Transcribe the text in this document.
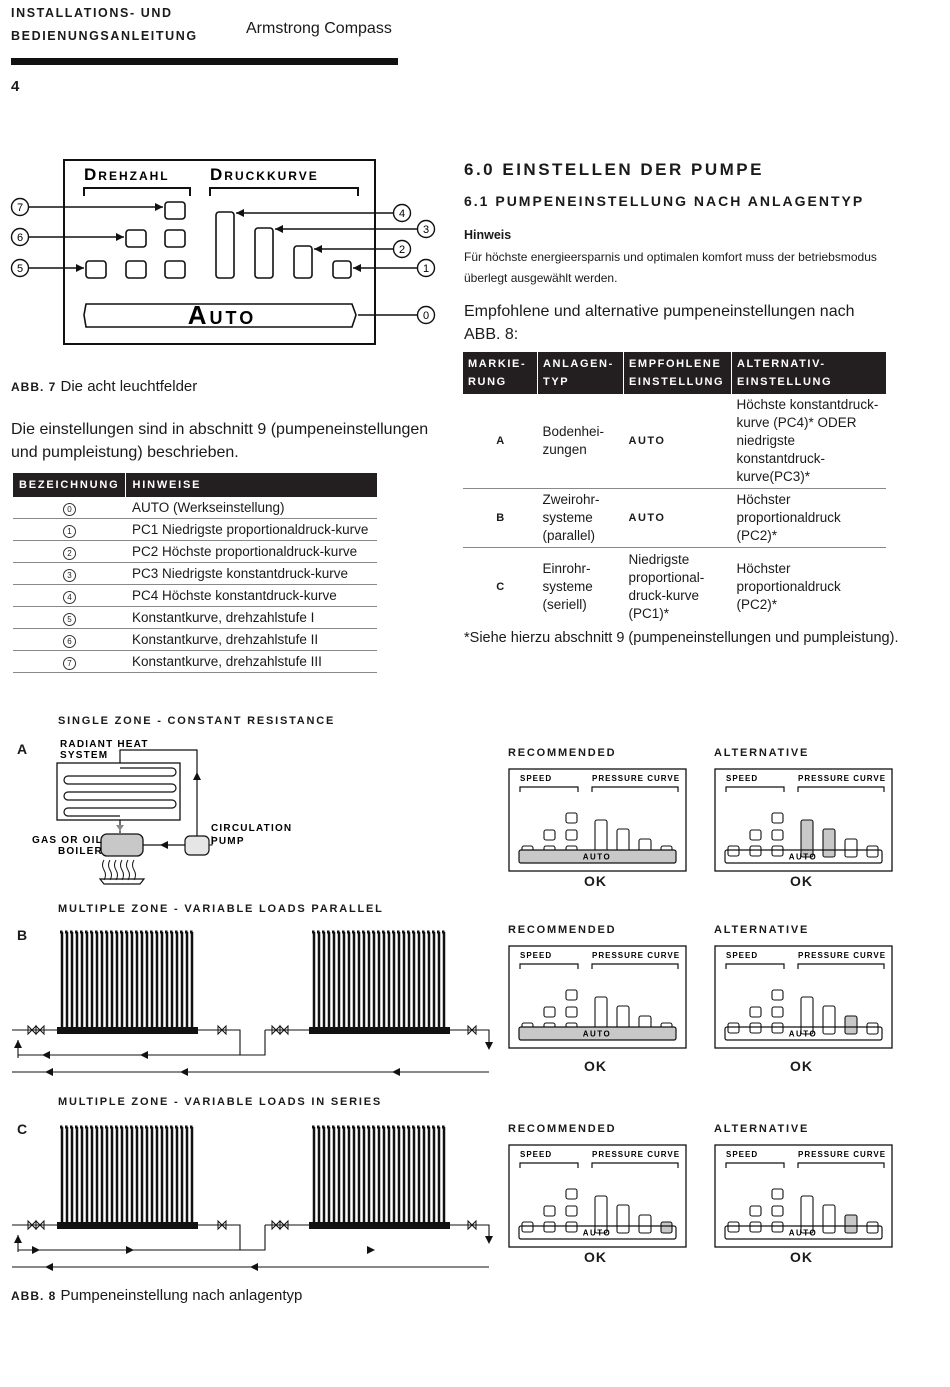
INSTALLATIONS- UND
BEDIENUNGSANLEITUNG	Armstrong Compass
4
Drehzahl Druckkurve
Auto
7
6
5
4
3
2
1
0
ABB. 7 Die acht leuchtfelder
Die einstellungen sind in abschnitt 9 (pumpeneinstellungen und pumpleistung) beschrieben.
BEZEICHNUNG	HINWEISE
0	AUTO (Werkseinstellung)
1	PC1 Niedrigste proportionaldruck-kurve
2	PC2 Höchste proportionaldruck-kurve
3	PC3 Niedrigste konstantdruck-kurve
4	PC4 Höchste konstantdruck-kurve
5	Konstantkurve, drehzahlstufe I
6	Konstantkurve, drehzahlstufe II
7	Konstantkurve, drehzahlstufe III
6.0 EINSTELLEN DER PUMPE
6.1 PUMPENEINSTELLUNG NACH ANLAGENTYP
Hinweis
Für höchste energieersparnis und optimalen komfort muss der betriebsmodus überlegt ausgewählt werden.
Empfohlene und alternative pumpeneinstellungen nach ABB. 8:
MARKIE-RUNG	ANLAGEN-TYP	EMPFOHLENE EINSTELLUNG	ALTERNATIV-EINSTELLUNG
A	Bodenhei-zungen	AUTO	Höchste konstantdruck-kurve (PC4)* ODER niedrigste konstantdruck-kurve(PC3)*
B	Zweirohr-systeme (parallel)	AUTO	Höchster proportionaldruck (PC2)*
C	Einrohr-systeme (seriell)	Niedrigste proportional-druck-kurve (PC1)*	Höchster proportionaldruck (PC2)*
*Siehe hierzu abschnitt 9 (pumpeneinstellungen und pumpleistung).
SINGLE ZONE - CONSTANT RESISTANCE
A
MULTIPLE ZONE - VARIABLE LOADS PARALLEL
B
MULTIPLE ZONE - VARIABLE LOADS IN SERIES
C
RADIANT HEAT
SYSTEM
GAS OR OIL
BOILER
CIRCULATION
PUMP
RECOMMENDED
SPEED	PRESSURE CURVE
AUTO
OK
ALTERNATIVE
SPEED	PRESSURE CURVE
AUTO
OK
RECOMMENDED
SPEED	PRESSURE CURVE
AUTO
OK
ALTERNATIVE
SPEED	PRESSURE CURVE
AUTO
OK
RECOMMENDED
SPEED	PRESSURE CURVE
AUTO
OK
ALTERNATIVE
SPEED	PRESSURE CURVE
AUTO
OK
ABB. 8 Pumpeneinstellung nach anlagentyp
